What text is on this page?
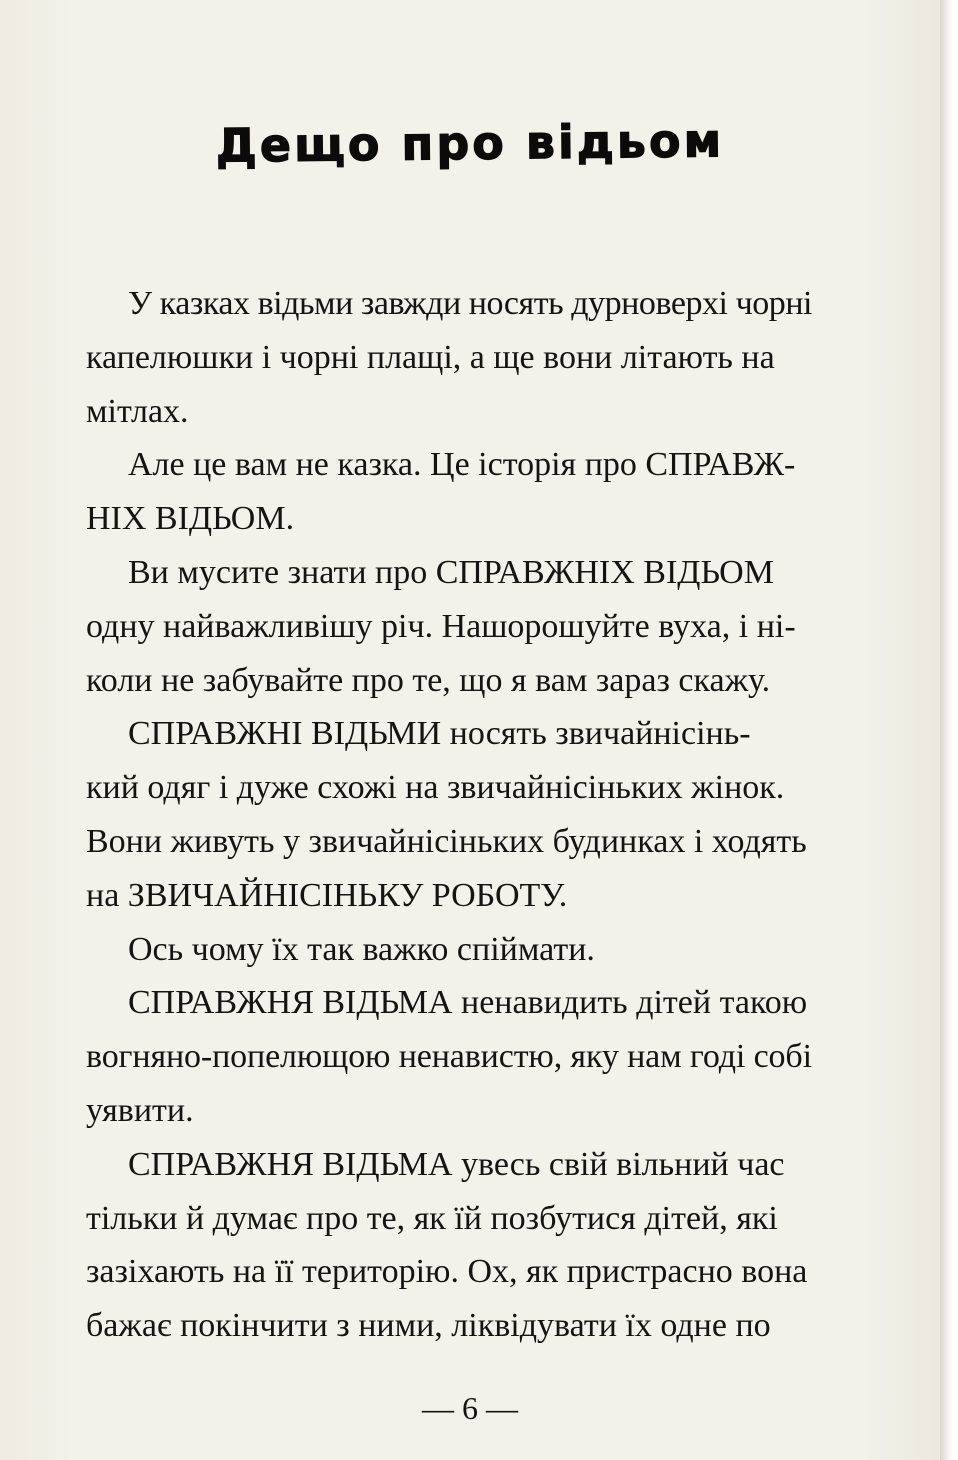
Дещо про відьом

У казках відьми завжди носять дурноверхі чорні
капелюшки і чорні плащі, а ще вони літають на
мітлах.

Але це вам не казка. Це історія про СПРАВЖ-
НІХ ВІДЬОМ.

Ви мусите знати про СПРАВЖНІХ ВІДЬОМ
одну найважливішу річ. Нашорошуйте вуха, і ні-
коли не забувайте про те, що я вам зараз скажу.

СПРАВЖНІ ВІДЬМИ носять звичайнісінь-
кий одяг і дуже схожі на звичайнісіньких жінок.
Вони живуть у звичайнісіньких будинках і ходять
на ЗВИЧАЙНІСІНЬКУ РОБОТУ.

Ось чому їх так важко спіймати.

СПРАВЖНЯ ВІДЬМА ненавидить дітей такою
вогняно-попелющою ненавистю, яку нам годі собі
уявити.

СПРАВЖНЯ ВІДЬМА увесь свій вільний час
тільки й думає про те, як їй позбутися дітей, які
зазіхають на її територію. Ох, як пристрасно вона
бажає покінчити з ними, ліквідувати їх одне по

— 6 —
